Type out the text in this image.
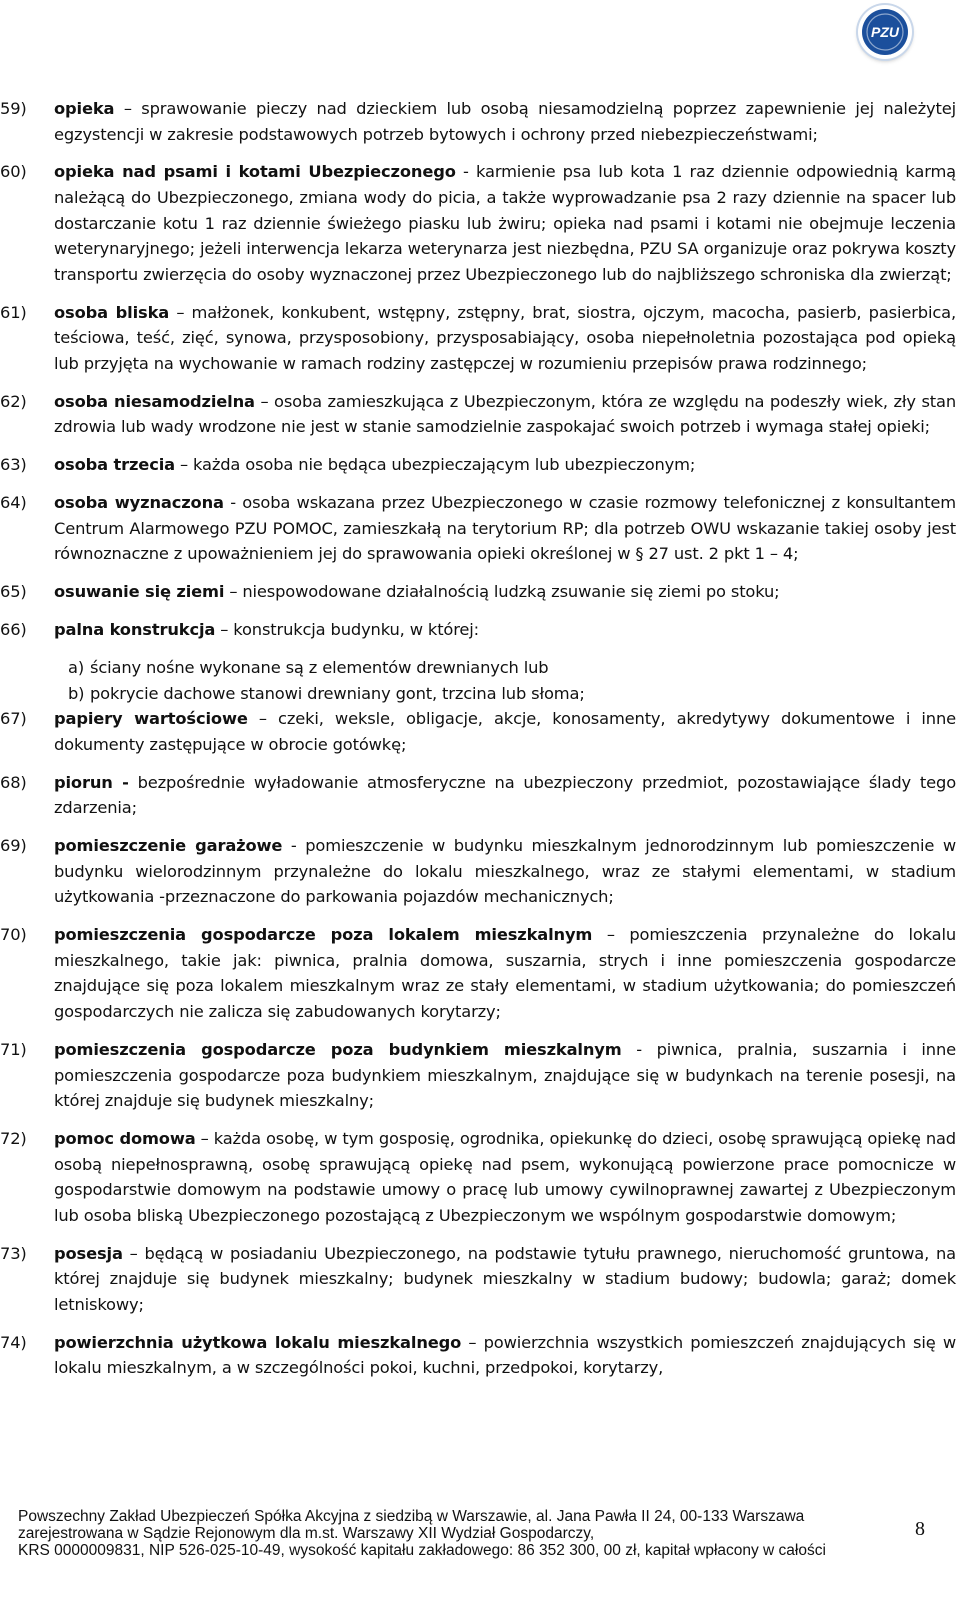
PZU
59) opieka – sprawowanie pieczy nad dzieckiem lub osobą niesamodzielną poprzez zapewnienie jej należytej egzystencji w zakresie podstawowych potrzeb bytowych i ochrony przed niebezpieczeństwami;
60) opieka nad psami i kotami Ubezpieczonego - karmienie psa lub kota 1 raz dziennie odpowiednią karmą należącą do Ubezpieczonego, zmiana wody do picia, a także wyprowadzanie psa 2 razy dziennie na spacer lub dostarczanie kotu 1 raz dziennie świeżego piasku lub żwiru; opieka nad psami i kotami nie obejmuje leczenia weterynaryjnego; jeżeli interwencja lekarza weterynarza jest niezbędna, PZU SA organizuje oraz pokrywa koszty transportu zwierzęcia do osoby wyznaczonej przez Ubezpieczonego lub do najbliższego schroniska dla zwierząt;
61) osoba bliska – małżonek, konkubent, wstępny, zstępny, brat, siostra, ojczym, macocha, pasierb, pasierbica, teściowa, teść, zięć, synowa, przysposobiony, przysposabiający, osoba niepełnoletnia pozostająca pod opieką lub przyjęta na wychowanie w ramach rodziny zastępczej w rozumieniu przepisów prawa rodzinnego;
62) osoba niesamodzielna – osoba zamieszkująca z Ubezpieczonym, która ze względu na podeszły wiek, zły stan zdrowia lub wady wrodzone nie jest w stanie samodzielnie zaspokajać swoich potrzeb i wymaga stałej opieki;
63) osoba trzecia – każda osoba nie będąca ubezpieczającym lub ubezpieczonym;
64) osoba wyznaczona - osoba wskazana przez Ubezpieczonego w czasie rozmowy telefonicznej z konsultantem Centrum Alarmowego PZU POMOC, zamieszkałą na terytorium RP; dla potrzeb OWU wskazanie takiej osoby jest równoznaczne z upoważnieniem jej do sprawowania opieki określonej w § 27 ust. 2 pkt 1 – 4;
65) osuwanie się ziemi – niespowodowane działalnością ludzką zsuwanie się ziemi po stoku;
66) palna konstrukcja – konstrukcja budynku, w której:
a) ściany nośne wykonane są z elementów drewnianych lub
b) pokrycie dachowe stanowi drewniany gont, trzcina lub słoma;
67) papiery wartościowe – czeki, weksle, obligacje, akcje, konosamenty, akredytywy dokumentowe i inne dokumenty zastępujące w obrocie gotówkę;
68) piorun - bezpośrednie wyładowanie atmosferyczne na ubezpieczony przedmiot, pozostawiające ślady tego zdarzenia;
69) pomieszczenie garażowe - pomieszczenie w budynku mieszkalnym jednorodzinnym lub pomieszczenie w budynku wielorodzinnym przynależne do lokalu mieszkalnego, wraz ze stałymi elementami, w stadium użytkowania -przeznaczone do parkowania pojazdów mechanicznych;
70) pomieszczenia gospodarcze poza lokalem mieszkalnym – pomieszczenia przynależne do lokalu mieszkalnego, takie jak: piwnica, pralnia domowa, suszarnia, strych i inne pomieszczenia gospodarcze znajdujące się poza lokalem mieszkalnym wraz ze stały elementami, w stadium użytkowania; do pomieszczeń gospodarczych nie zalicza się zabudowanych korytarzy;
71) pomieszczenia gospodarcze poza budynkiem mieszkalnym - piwnica, pralnia, suszarnia i inne pomieszczenia gospodarcze poza budynkiem mieszkalnym, znajdujące się w budynkach na terenie posesji, na której znajduje się budynek mieszkalny;
72) pomoc domowa – każda osobę, w tym gosposię, ogrodnika, opiekunkę do dzieci, osobę sprawującą opiekę nad osobą niepełnosprawną, osobę sprawującą opiekę nad psem, wykonującą powierzone prace pomocnicze w gospodarstwie domowym na podstawie umowy o pracę lub umowy cywilnoprawnej zawartej z Ubezpieczonym lub osoba bliską Ubezpieczonego pozostającą z Ubezpieczonym we wspólnym gospodarstwie domowym;
73) posesja – będącą w posiadaniu Ubezpieczonego, na podstawie tytułu prawnego, nieruchomość gruntowa, na której znajduje się budynek mieszkalny; budynek mieszkalny w stadium budowy; budowla; garaż; domek letniskowy;
74) powierzchnia użytkowa lokalu mieszkalnego – powierzchnia wszystkich pomieszczeń znajdujących się w lokalu mieszkalnym, a w szczególności pokoi, kuchni, przedpokoi, korytarzy,
Powszechny Zakład Ubezpieczeń Spółka Akcyjna z siedzibą w Warszawie, al. Jana Pawła II 24, 00-133 Warszawa
zarejestrowana w Sądzie Rejonowym dla m.st. Warszawy XII Wydział Gospodarczy,
KRS 0000009831, NIP 526-025-10-49, wysokość kapitału zakładowego: 86 352 300, 00 zł, kapitał wpłacony w całości
8
